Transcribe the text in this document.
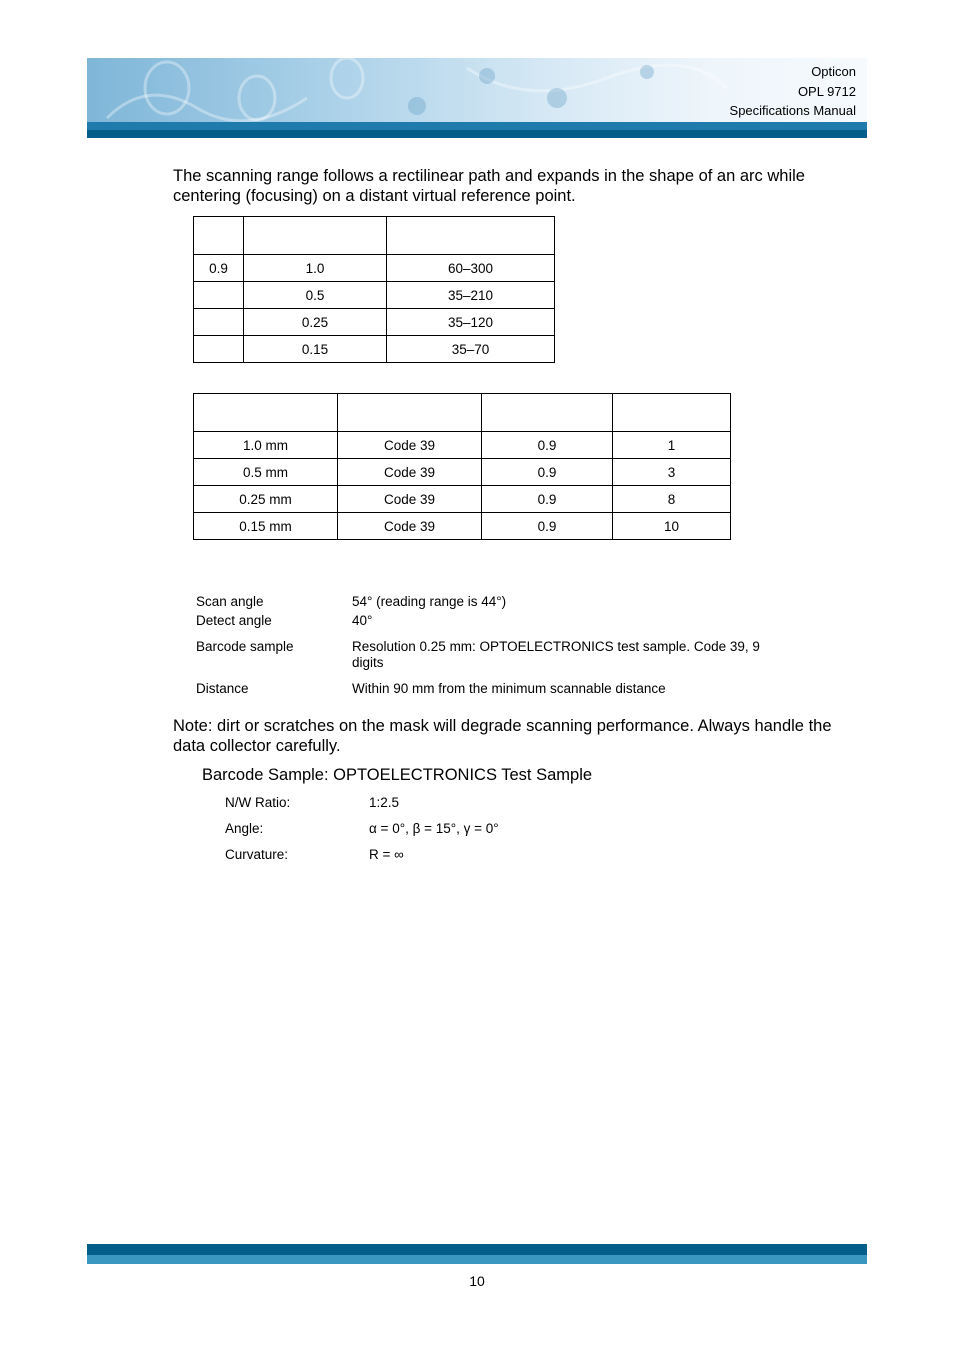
Opticon
OPL 9712
Specifications Manual
The scanning range follows a rectilinear path and expands in the shape of an arc while centering (focusing) on a distant virtual reference point.

0.9	1.0	60–300
	0.5	35–210
	0.25	35–120
	0.15	35–70

1.0 mm	Code 39	0.9	1
0.5 mm	Code 39	0.9	3
0.25 mm	Code 39	0.9	8
0.15 mm	Code 39	0.9	10
Scan angle	54° (reading range is 44°)
Detect angle	40°
Barcode sample	Resolution 0.25 mm: OPTOELECTRONICS test sample. Code 39, 9 digits
Distance	Within 90 mm from the minimum scannable distance
Note: dirt or scratches on the mask will degrade scanning performance. Always handle the data collector carefully.
Barcode Sample: OPTOELECTRONICS Test Sample
N/W Ratio:	1:2.5
Angle:	α = 0°, β = 15°, γ = 0°
Curvature:	R = ∞
10
